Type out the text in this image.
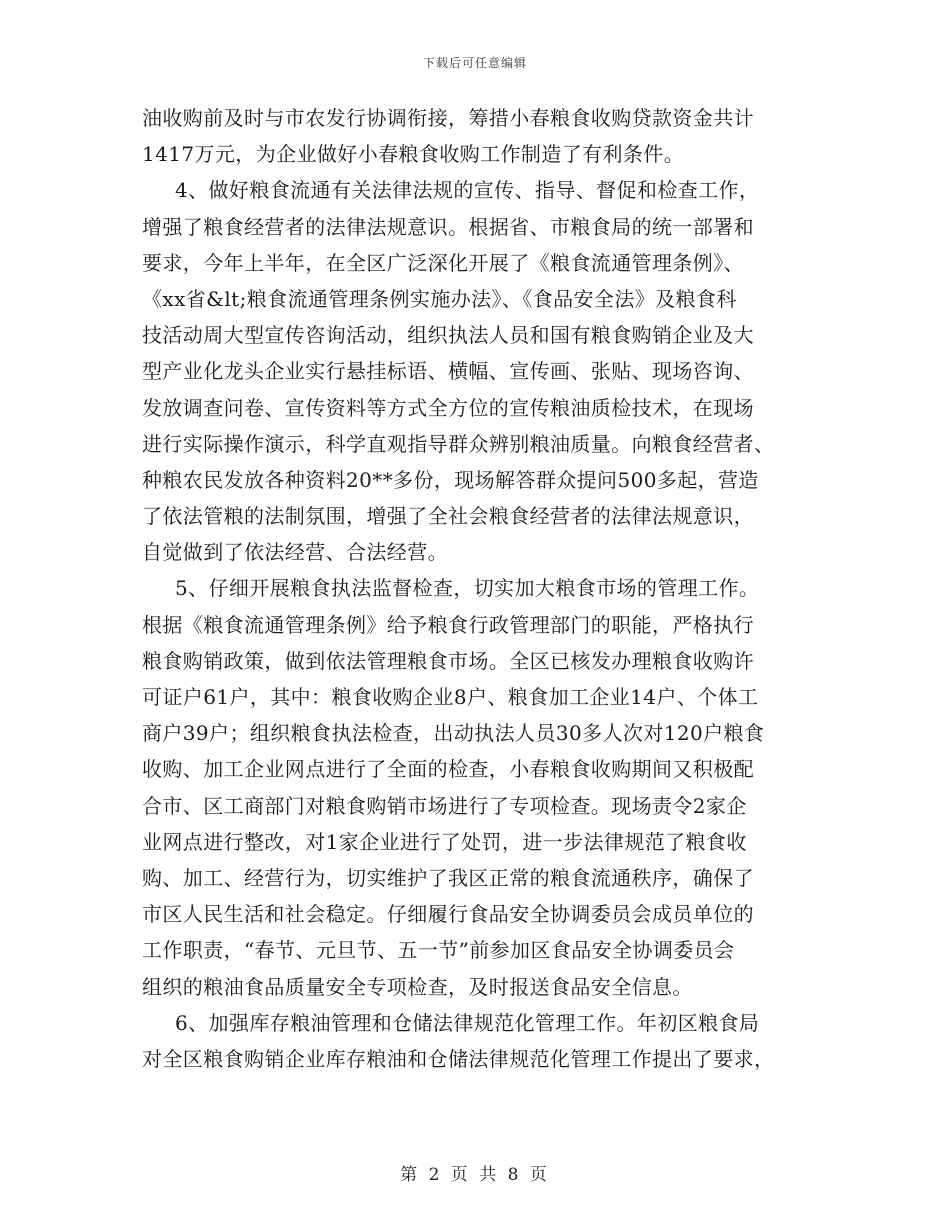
下载后可任意编辑
油收购前及时与市农发行协调衔接，筹措小春粮食收购贷款资金共计
1417万元，为企业做好小春粮食收购工作制造了有利条件。
4、做好粮食流通有关法律法规的宣传、指导、督促和检查工作，
增强了粮食经营者的法律法规意识。根据省、市粮食局的统一部署和
要求，今年上半年，在全区广泛深化开展了《粮食流通管理条例》、
《xx省&lt;粮食流通管理条例实施办法》、《食品安全法》及粮食科
技活动周大型宣传咨询活动，组织执法人员和国有粮食购销企业及大
型产业化龙头企业实行悬挂标语、横幅、宣传画、张贴、现场咨询、
发放调查问卷、宣传资料等方式全方位的宣传粮油质检技术，在现场
进行实际操作演示，科学直观指导群众辨别粮油质量。向粮食经营者、
种粮农民发放各种资料20**多份，现场解答群众提问500多起，营造
了依法管粮的法制氛围，增强了全社会粮食经营者的法律法规意识，
自觉做到了依法经营、合法经营。
5、仔细开展粮食执法监督检查，切实加大粮食市场的管理工作。
根据《粮食流通管理条例》给予粮食行政管理部门的职能，严格执行
粮食购销政策，做到依法管理粮食市场。全区已核发办理粮食收购许
可证户61户，其中：粮食收购企业8户、粮食加工企业14户、个体工
商户39户；组织粮食执法检查，出动执法人员30多人次对120户粮食
收购、加工企业网点进行了全面的检查，小春粮食收购期间又积极配
合市、区工商部门对粮食购销市场进行了专项检查。现场责令2家企
业网点进行整改，对1家企业进行了处罚，进一步法律规范了粮食收
购、加工、经营行为，切实维护了我区正常的粮食流通秩序，确保了
市区人民生活和社会稳定。仔细履行食品安全协调委员会成员单位的
工作职责，“春节、元旦节、五一节”前参加区食品安全协调委员会
组织的粮油食品质量安全专项检查，及时报送食品安全信息。
6、加强库存粮油管理和仓储法律规范化管理工作。年初区粮食局
对全区粮食购销企业库存粮油和仓储法律规范化管理工作提出了要求，
第 2 页 共 8 页
